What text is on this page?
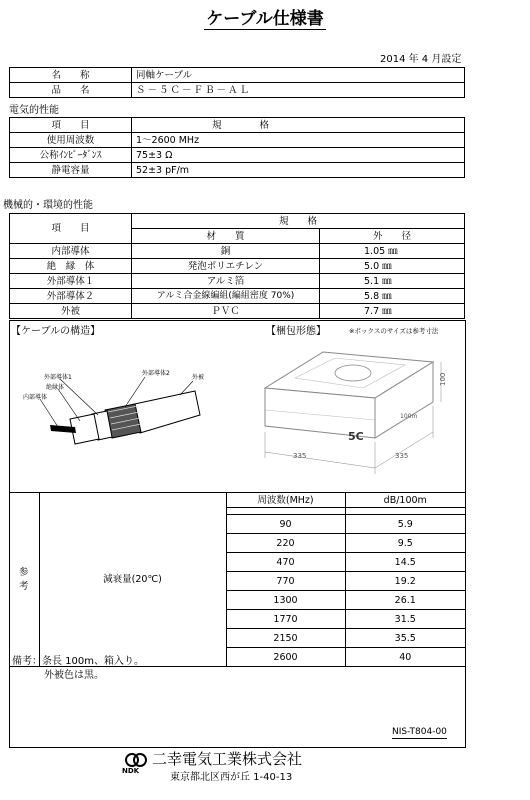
ケーブル仕様書
2014 年 4 月設定
名　　称	同軸ケーブル
品　　名	Ｓ－５Ｃ－ＦＢ－ＡＬ
電気的性能
項　　目	規　　　　格
使用周波数	1～2600 MHz
公称ｲﾝﾋﾟｰﾀﾞﾝｽ	75±3 Ω
静電容量	52±3 pF/m
機械的・環境的性能
項　　目	規　　格	
	材　　質	外　　径
内部導体	銅	1.05 ㎜
絶　縁　体	発泡ポリエチレン	5.0 ㎜
外部導体１	アルミ箔	5.1 ㎜
外部導体２	アルミ合金線編組(編組密度 70%)	5.8 ㎜
外被	ＰＶＣ	7.7 ㎜
【ケーブルの構造】	【梱包形態】	※ボックスのサイズは参考寸法
外部導体1
絶縁体
内部導体
外部導体2
外被
5C
100m
335	335
100
参考	減衰量(20℃)	周波数(MHz)	dB/100m

		90	5.9
		220	9.5
		470	14.5
		770	19.2
		1300	26.1
		1770	31.5
		2150	35.5
		2600	40
備考：条長 100m、箱入り。
外被色は黒。
NIS-T804-00
NDK
二幸電気工業株式会社
東京都北区西が丘 1-40-13
